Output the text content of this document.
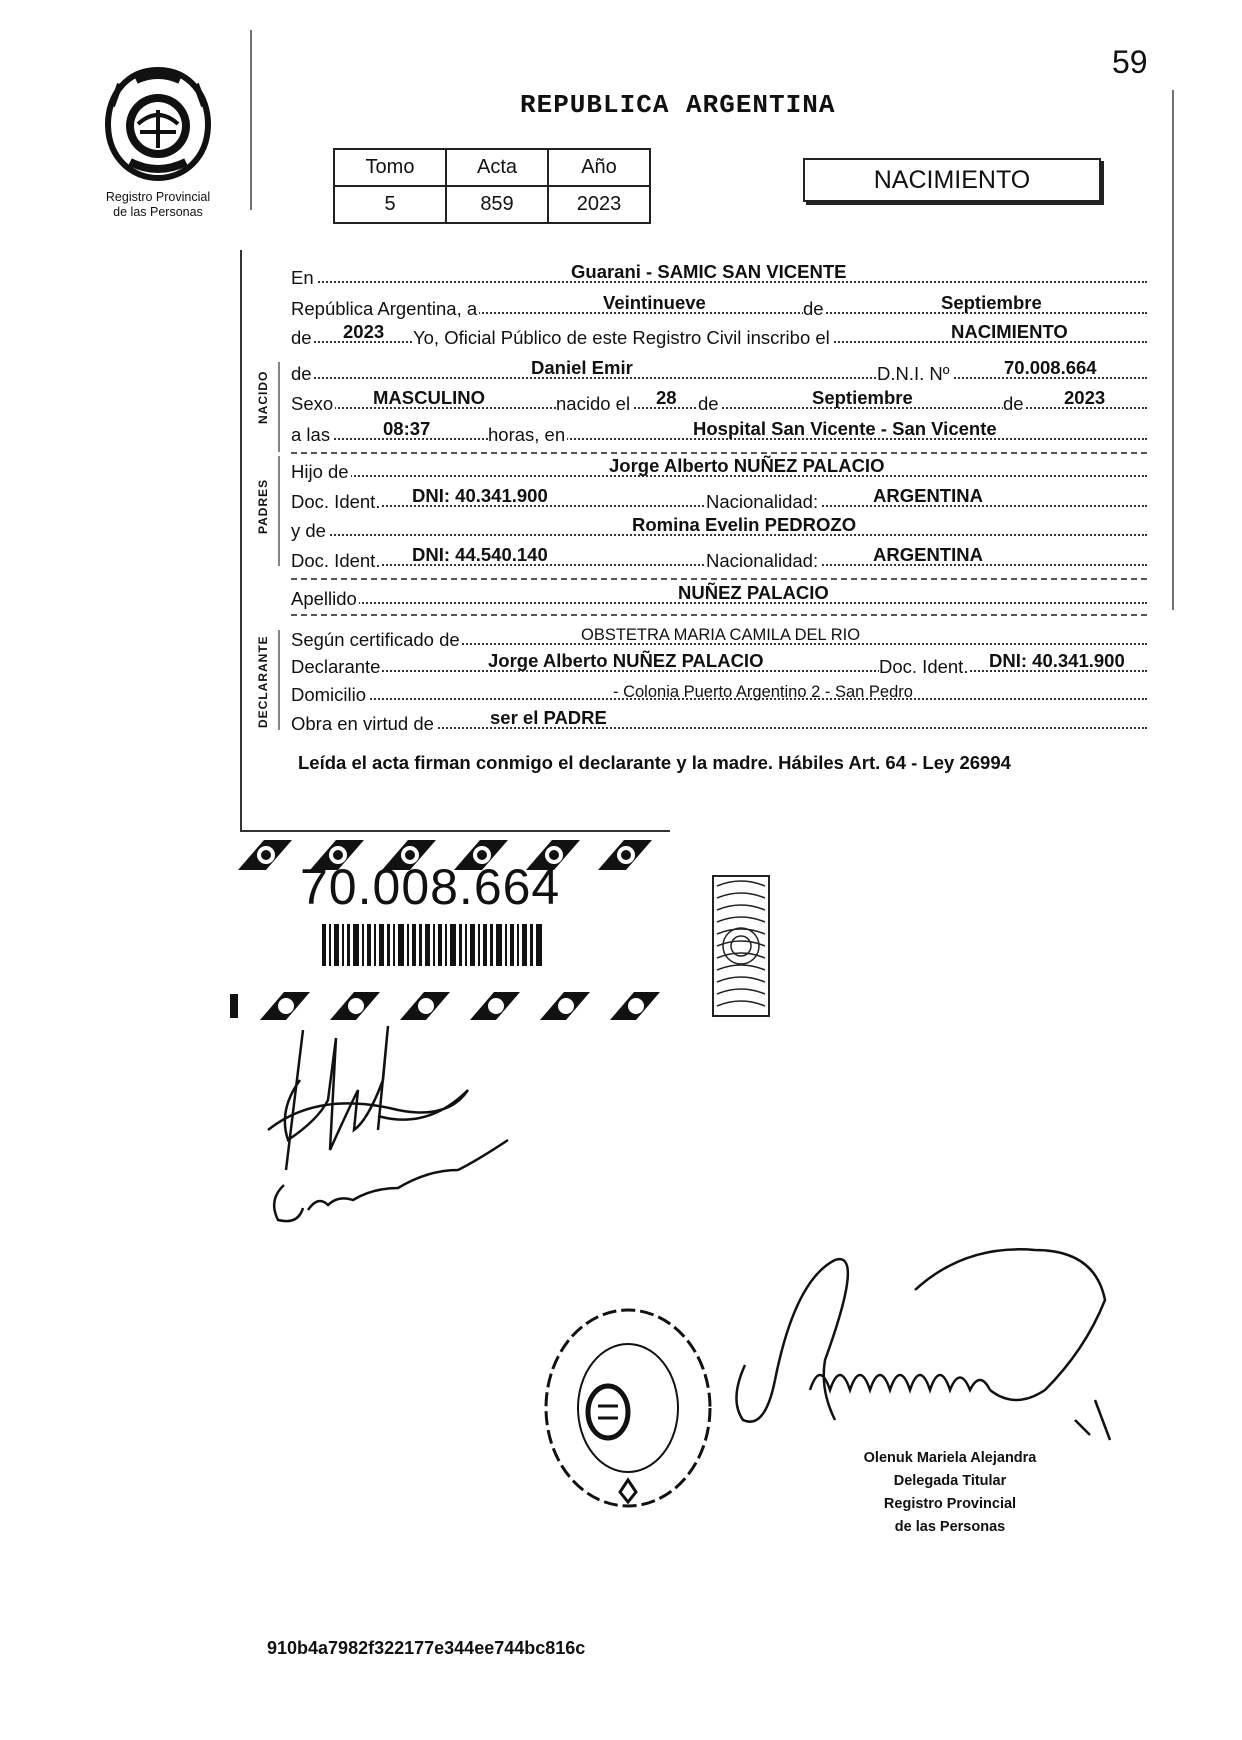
59
REPUBLICA ARGENTINA
Registro Provincial
de las Personas
Tomo	Acta	Año
5	859	2023
NACIMIENTO
NACIDO
PADRES
DECLARANTE
En	Guarani - SAMIC SAN VICENTE
República Argentina, a	Veintinueve	de	Septiembre
de 2023 Yo, Oficial Público de este Registro Civil inscribo el	NACIMIENTO
de	Daniel Emir	D.N.I. Nº	70.008.664
Sexo MASCULINO	nacido el 28 de	Septiembre	de 2023
a las	08:37	horas, en	Hospital San Vicente - San Vicente
Hijo de	Jorge Alberto NUÑEZ PALACIO
Doc. Ident. DNI: 40.341.900	Nacionalidad:	ARGENTINA
y de	Romina Evelin PEDROZO
Doc. Ident. DNI: 44.540.140	Nacionalidad:	ARGENTINA
Apellido	NUÑEZ PALACIO
Según certificado de	OBSTETRA MARIA CAMILA DEL RIO
Declarante	Jorge Alberto NUÑEZ PALACIO	Doc. Ident. DNI: 40.341.900
Domicilio	- Colonia Puerto Argentino 2 - San Pedro
Obra en virtud de	ser el PADRE
Leída el acta firman conmigo el declarante y la madre. Hábiles Art. 64 - Ley 26994
70.008.664
Olenuk Mariela Alejandra
Delegada Titular
Registro Provincial
de las Personas
910b4a7982f322177e344ee744bc816c
